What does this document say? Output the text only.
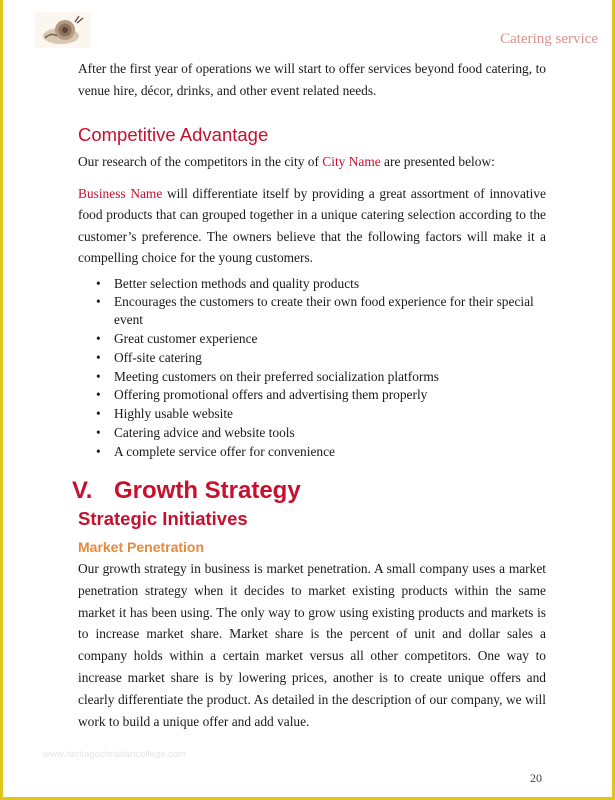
Catering service

After the first year of operations we will start to offer services beyond food catering, to venue hire, décor, drinks, and other event related needs.

Competitive Advantage

Our research of the competitors in the city of City Name are presented below:

Business Name will differentiate itself by providing a great assortment of innovative food products that can grouped together in a unique catering selection according to the customer’s preference. The owners believe that the following factors will make it a compelling choice for the young customers.

• Better selection methods and quality products
• Encourages the customers to create their own food experience for their special event
• Great customer experience
• Off-site catering
• Meeting customers on their preferred socialization platforms
• Offering promotional offers and advertising them properly
• Highly usable website
• Catering advice and website tools
• A complete service offer for convenience
V. Growth Strategy
Strategic Initiatives
Market Penetration

Our growth strategy in business is market penetration. A small company uses a market penetration strategy when it decides to market existing products within the same market it has been using. The only way to grow using existing products and markets is to increase market share. Market share is the percent of unit and dollar sales a company holds within a certain market versus all other competitors. One way to increase market share is by lowering prices, another is to create unique offers and clearly differentiate the product. As detailed in the description of our company, we will work to build a unique offer and add value.

www.heritagechristiancollege.com
20
